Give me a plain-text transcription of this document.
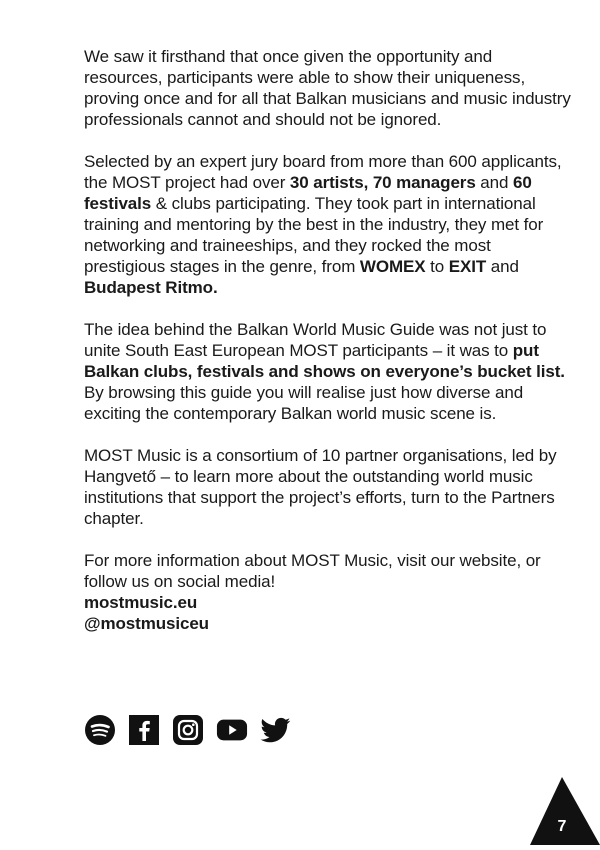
We saw it firsthand that once given the opportunity and resources, participants were able to show their uniqueness, proving once and for all that Balkan musicians and music industry professionals cannot and should not be ignored.

Selected by an expert jury board from more than 600 applicants, the MOST project had over 30 artists, 70 managers and 60 festivals & clubs participating. They took part in international training and mentoring by the best in the industry, they met for networking and traineeships, and they rocked the most prestigious stages in the genre, from WOMEX to EXIT and Budapest Ritmo.

The idea behind the Balkan World Music Guide was not just to unite South East European MOST participants – it was to put Balkan clubs, festivals and shows on everyone’s bucket list. By browsing this guide you will realise just how diverse and exciting the contemporary Balkan world music scene is.

MOST Music is a consortium of 10 partner organisations, led by Hangvető – to learn more about the outstanding world music institutions that support the project’s efforts, turn to the Partners chapter.

For more information about MOST Music, visit our website, or follow us on social media!

mostmusic.eu
@mostmusiceu
7
